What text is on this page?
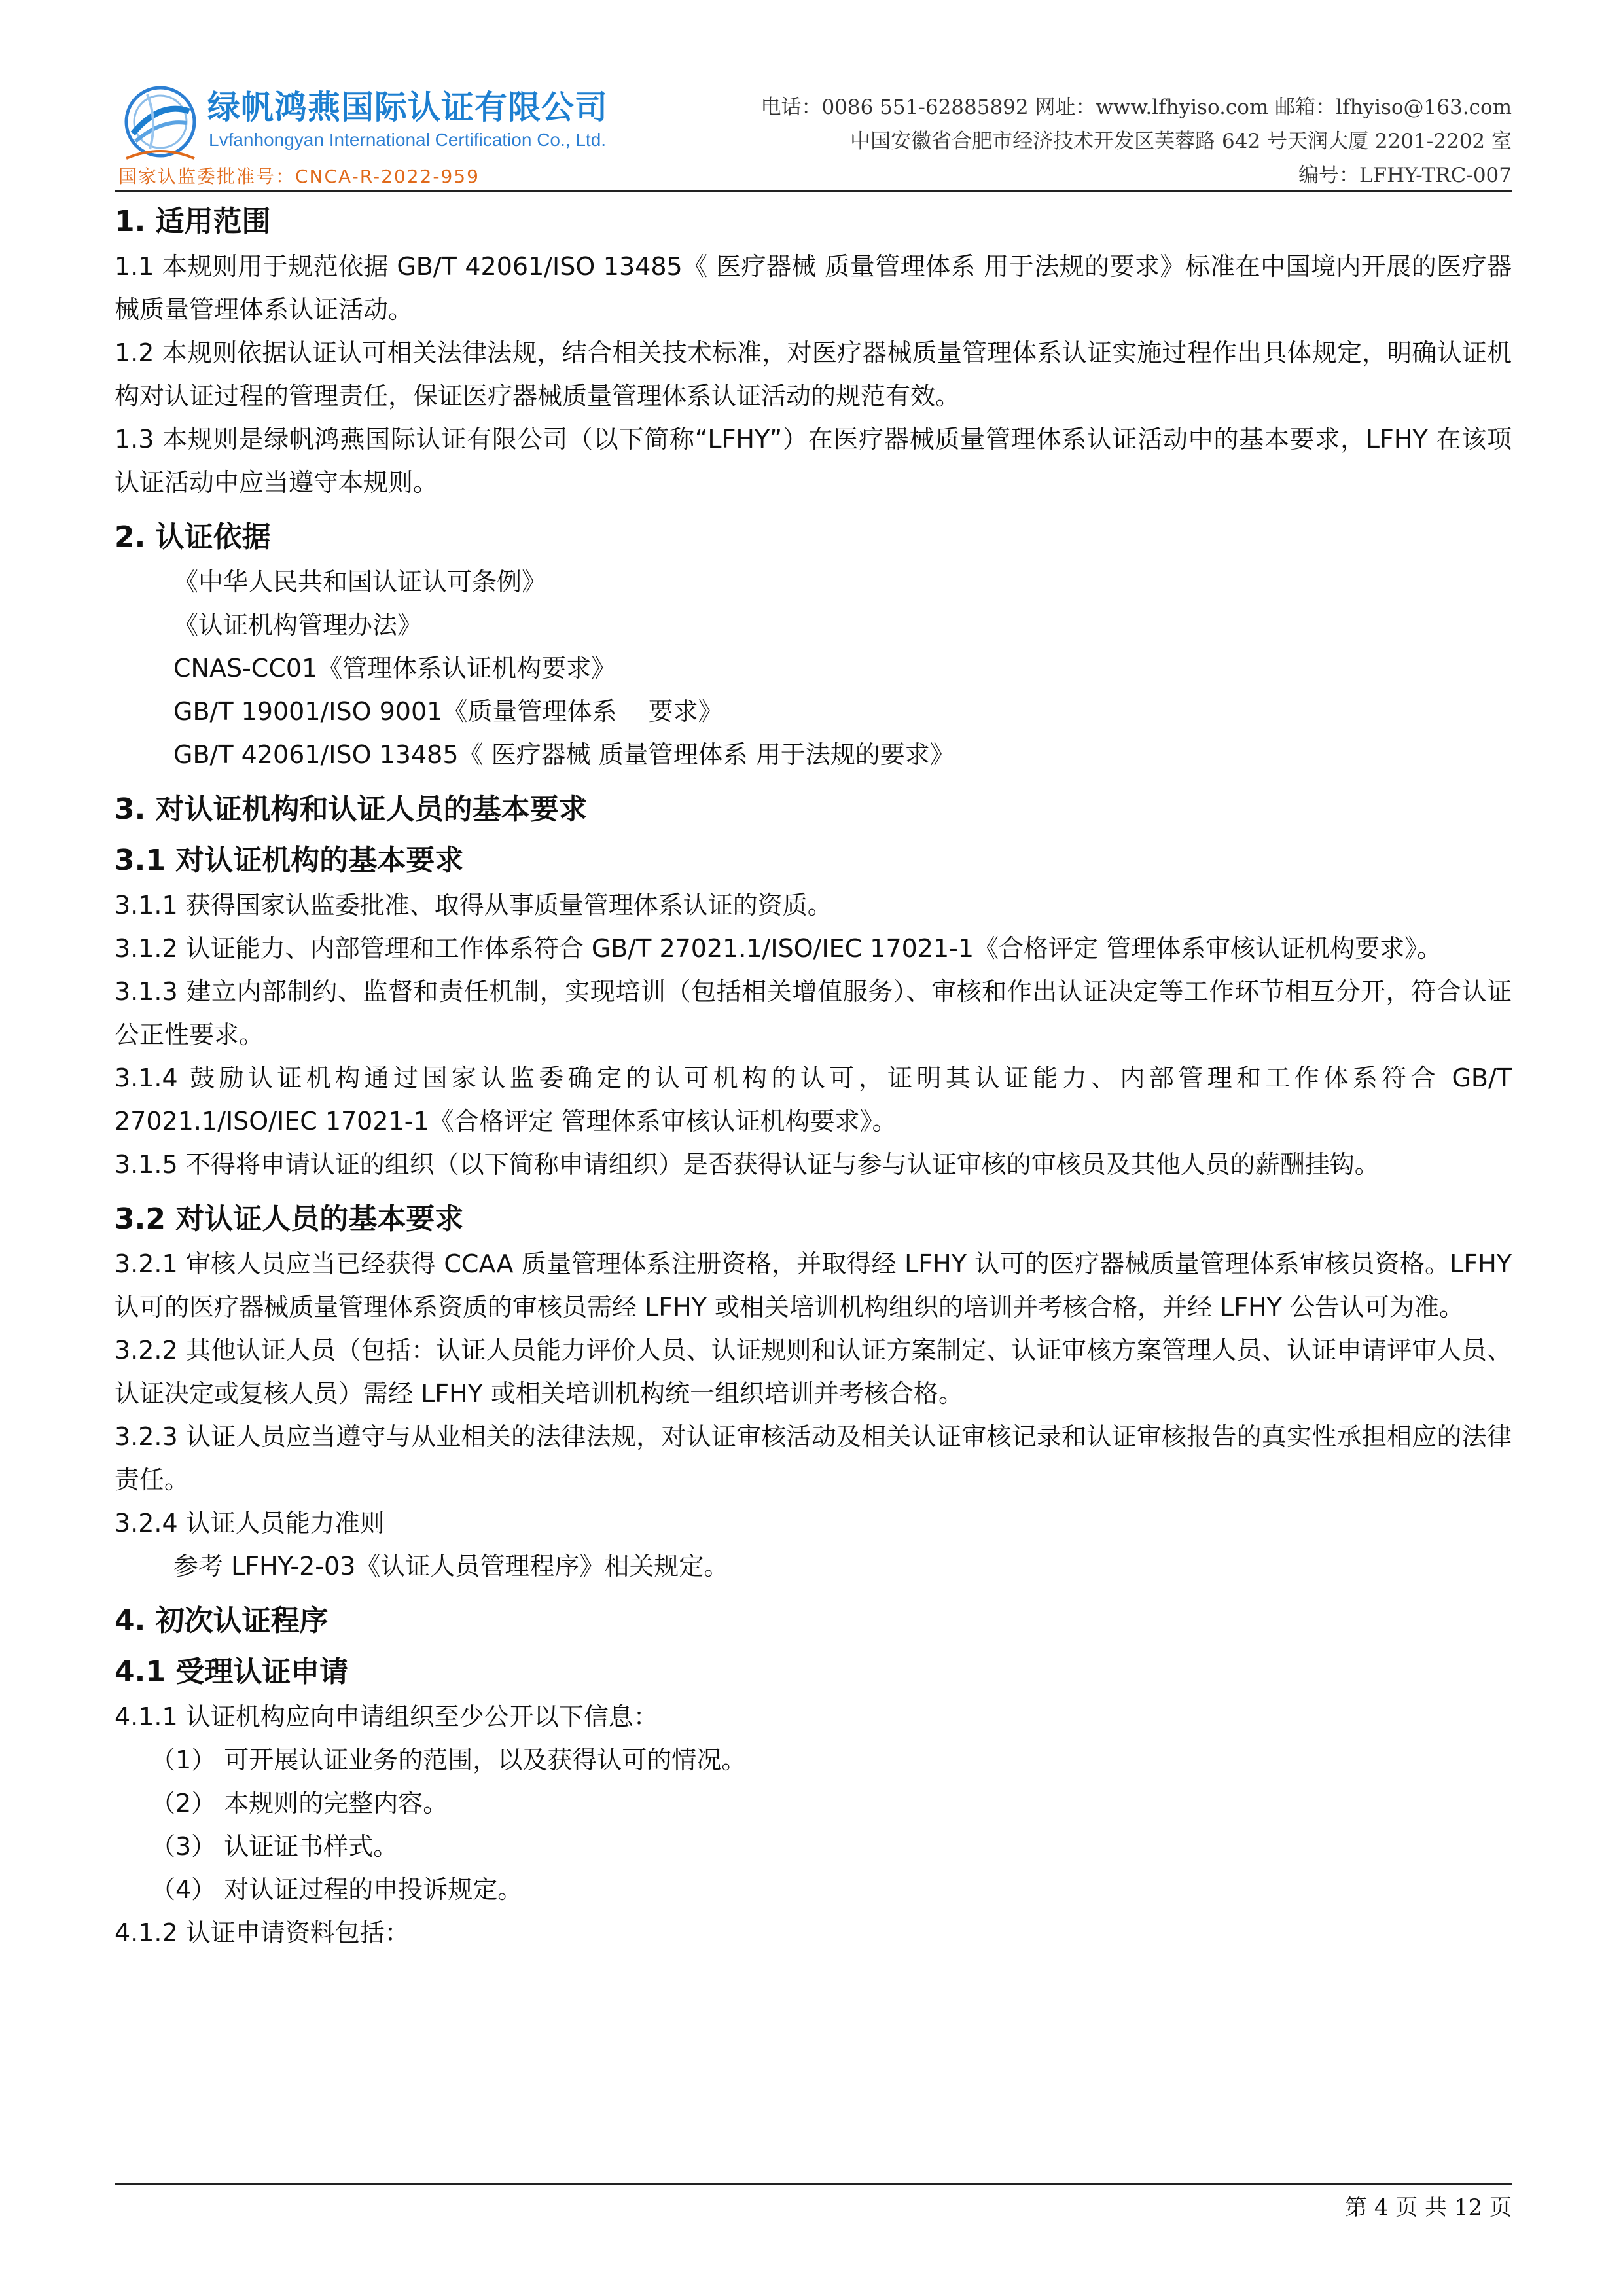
绿帆鸿燕国际认证有限公司
Lvfanhongyan International Certification Co., Ltd.
国家认监委批准号：CNCA-R-2022-959
电话：0086 551-62885892 网址：www.lfhyiso.com 邮箱：lfhyiso@163.com
中国安徽省合肥市经济技术开发区芙蓉路 642 号天润大厦 2201-2202 室
编号：LFHY-TRC-007
1. 适用范围

1.1 本规则用于规范依据 GB/T 42061/ISO 13485《 医疗器械 质量管理体系 用于法规的要求》标准在中国境内开展的医疗器械质量管理体系认证活动。

1.2 本规则依据认证认可相关法律法规，结合相关技术标准，对医疗器械质量管理体系认证实施过程作出具体规定，明确认证机构对认证过程的管理责任，保证医疗器械质量管理体系认证活动的规范有效。

1.3 本规则是绿帆鸿燕国际认证有限公司（以下简称“LFHY”）在医疗器械质量管理体系认证活动中的基本要求，LFHY 在该项认证活动中应当遵守本规则。

2. 认证依据

《中华人民共和国认证认可条例》

《认证机构管理办法》

CNAS-CC01《管理体系认证机构要求》

GB/T 19001/ISO 9001《质量管理体系    要求》

GB/T 42061/ISO 13485《 医疗器械 质量管理体系 用于法规的要求》

3. 对认证机构和认证人员的基本要求
3.1 对认证机构的基本要求

3.1.1 获得国家认监委批准、取得从事质量管理体系认证的资质。

3.1.2 认证能力、内部管理和工作体系符合 GB/T 27021.1/ISO/IEC 17021-1《合格评定 管理体系审核认证机构要求》。

3.1.3 建立内部制约、监督和责任机制，实现培训（包括相关增值服务）、审核和作出认证决定等工作环节相互分开，符合认证公正性要求。

3.1.4 鼓励认证机构通过国家认监委确定的认可机构的认可，证明其认证能力、内部管理和工作体系符合 GB/T 27021.1/ISO/IEC 17021-1《合格评定 管理体系审核认证机构要求》。

3.1.5 不得将申请认证的组织（以下简称申请组织）是否获得认证与参与认证审核的审核员及其他人员的薪酬挂钩。

3.2 对认证人员的基本要求

3.2.1 审核人员应当已经获得 CCAA 质量管理体系注册资格，并取得经 LFHY 认可的医疗器械质量管理体系审核员资格。LFHY 认可的医疗器械质量管理体系资质的审核员需经 LFHY 或相关培训机构组织的培训并考核合格，并经 LFHY 公告认可为准。

3.2.2 其他认证人员（包括：认证人员能力评价人员、认证规则和认证方案制定、认证审核方案管理人员、认证申请评审人员、认证决定或复核人员）需经 LFHY 或相关培训机构统一组织培训并考核合格。

3.2.3 认证人员应当遵守与从业相关的法律法规，对认证审核活动及相关认证审核记录和认证审核报告的真实性承担相应的法律责任。

3.2.4 认证人员能力准则

参考 LFHY-2-03《认证人员管理程序》相关规定。

4. 初次认证程序
4.1 受理认证申请

4.1.1 认证机构应向申请组织至少公开以下信息：

（1） 可开展认证业务的范围，以及获得认可的情况。

（2） 本规则的完整内容。

（3） 认证证书样式。

（4） 对认证过程的申投诉规定。

4.1.2 认证申请资料包括：

第 4 页 共 12 页
